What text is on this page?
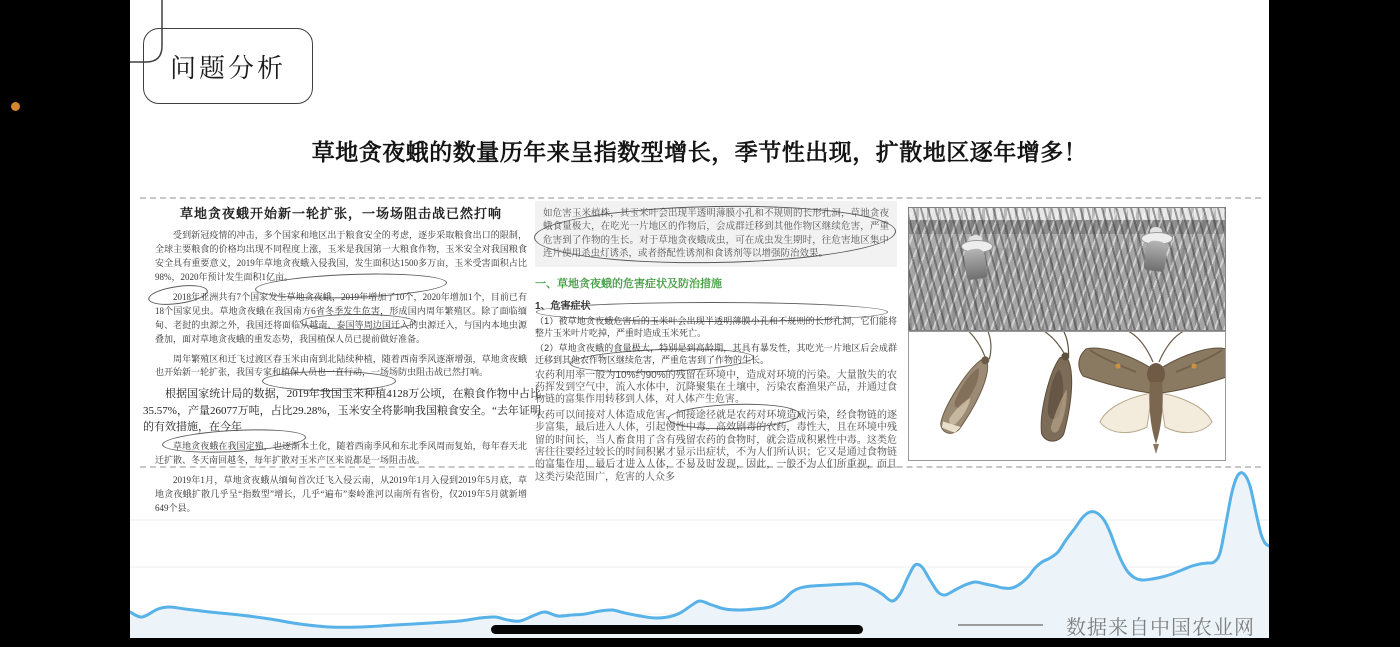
问题分析
草地贪夜蛾的数量历年来呈指数型增长，季节性出现，扩散地区逐年增多！
草地贪夜蛾开始新一轮扩张，一场场阻击战已然打响

受到新冠疫情的冲击，多个国家和地区出于粮食安全的考虑，逐步采取粮食出口的限制，全球主要粮食的价格均出现不同程度上涨，玉米是我国第一大粮食作物，玉米安全对我国粮食安全具有重要意义，2019年草地贪夜蛾入侵我国，发生面积达1500多万亩，玉米受害面积占比98%，2020年预计发生面积1亿亩。

2018年亚洲共有7个国家发生草地贪夜蛾，2019年增加了10个，2020年增加1个，目前已有18个国家见虫。草地贪夜蛾在我国南方6省冬季发生危害，形成国内周年繁殖区。除了面临缅甸、老挝的虫源之外，我国还将面临从越南、泰国等周边国迁入的虫源迁入，与国内本地虫源叠加，面对草地贪夜蛾的重发态势，我国植保人员已提前做好准备。

周年繁殖区和迁飞过渡区春玉米由南到北陆续种植，随着西南季风逐渐增强，草地贪夜蛾也开始新一轮扩张，我国专家和植保人员也一直行动，一场场防虫阻击战已然打响。

根据国家统计局的数据，2019年我国玉米种植4128万公顷，在粮食作物中占比35.57%，产量26077万吨，占比29.28%，玉米安全将影响我国粮食安全。“去年证明的有效措施，在今年

草地贪夜蛾在我国定殖，也逐渐本土化，随着西南季风和东北季风周而复始，每年春天北迁扩散、冬天南回越冬，每年扩散对玉米产区来说都是一场阻击战。

2019年1月，草地贪夜蛾从缅甸首次迁飞入侵云南，从2019年1月入侵到2019年5月底，草地贪夜蛾扩散几乎呈“指数型”增长，几乎“遍布”秦岭淮河以南所有省份，仅2019年5月就新增649个县。

如危害玉米植株，其玉米叶会出现半透明薄膜小孔和不规则的长形孔洞，草地贪夜蛾食量极大，在吃光一片地区的作物后，会成群迁移到其他作物区继续危害，严重危害到了作物的生长。对于草地贪夜蛾成虫，可在成虫发生期时，往危害地区集中连片使用杀虫灯诱杀，或者搭配性诱剂和食诱剂等以增强防治效果。
一、草地贪夜蛾的危害症状及防治措施
1、危害症状
（1）被草地贪夜蛾危害后的玉米叶会出现半透明薄膜小孔和不规则的长形孔洞，它们能将整片玉米叶片吃掉，严重时造成玉米死亡。
（2）草地贪夜蛾的食量极大，特别是到高龄期，其具有暴发性，其吃光一片地区后会成群迁移到其他农作物区继续危害，严重危害到了作物的生长。
农药利用率一般为10%约90%的残留在环境中，造成对环境的污染。大量散失的农药挥发到空气中，流入水体中，沉降聚集在土壤中，污染农畜渔果产品，并通过食物链的富集作用转移到人体，对人体产生危害。
农药可以间接对人体造成危害。间接途径就是农药对环境造成污染，经食物链的逐步富集，最后进入人体，引起慢性中毒。高效剧毒的农药，毒性大，且在环境中残留的时间长，当人畜食用了含有残留农药的食物时，就会造成积累性中毒。这类危害往往要经过较长的时间积累才显示出症状，不为人们所认识；它又是通过食物链的富集作用，最后才进入人体，不易及时发现，因此，一般不为人们所重视，而且这类污染范围广，危害的人众多
数据来自中国农业网
